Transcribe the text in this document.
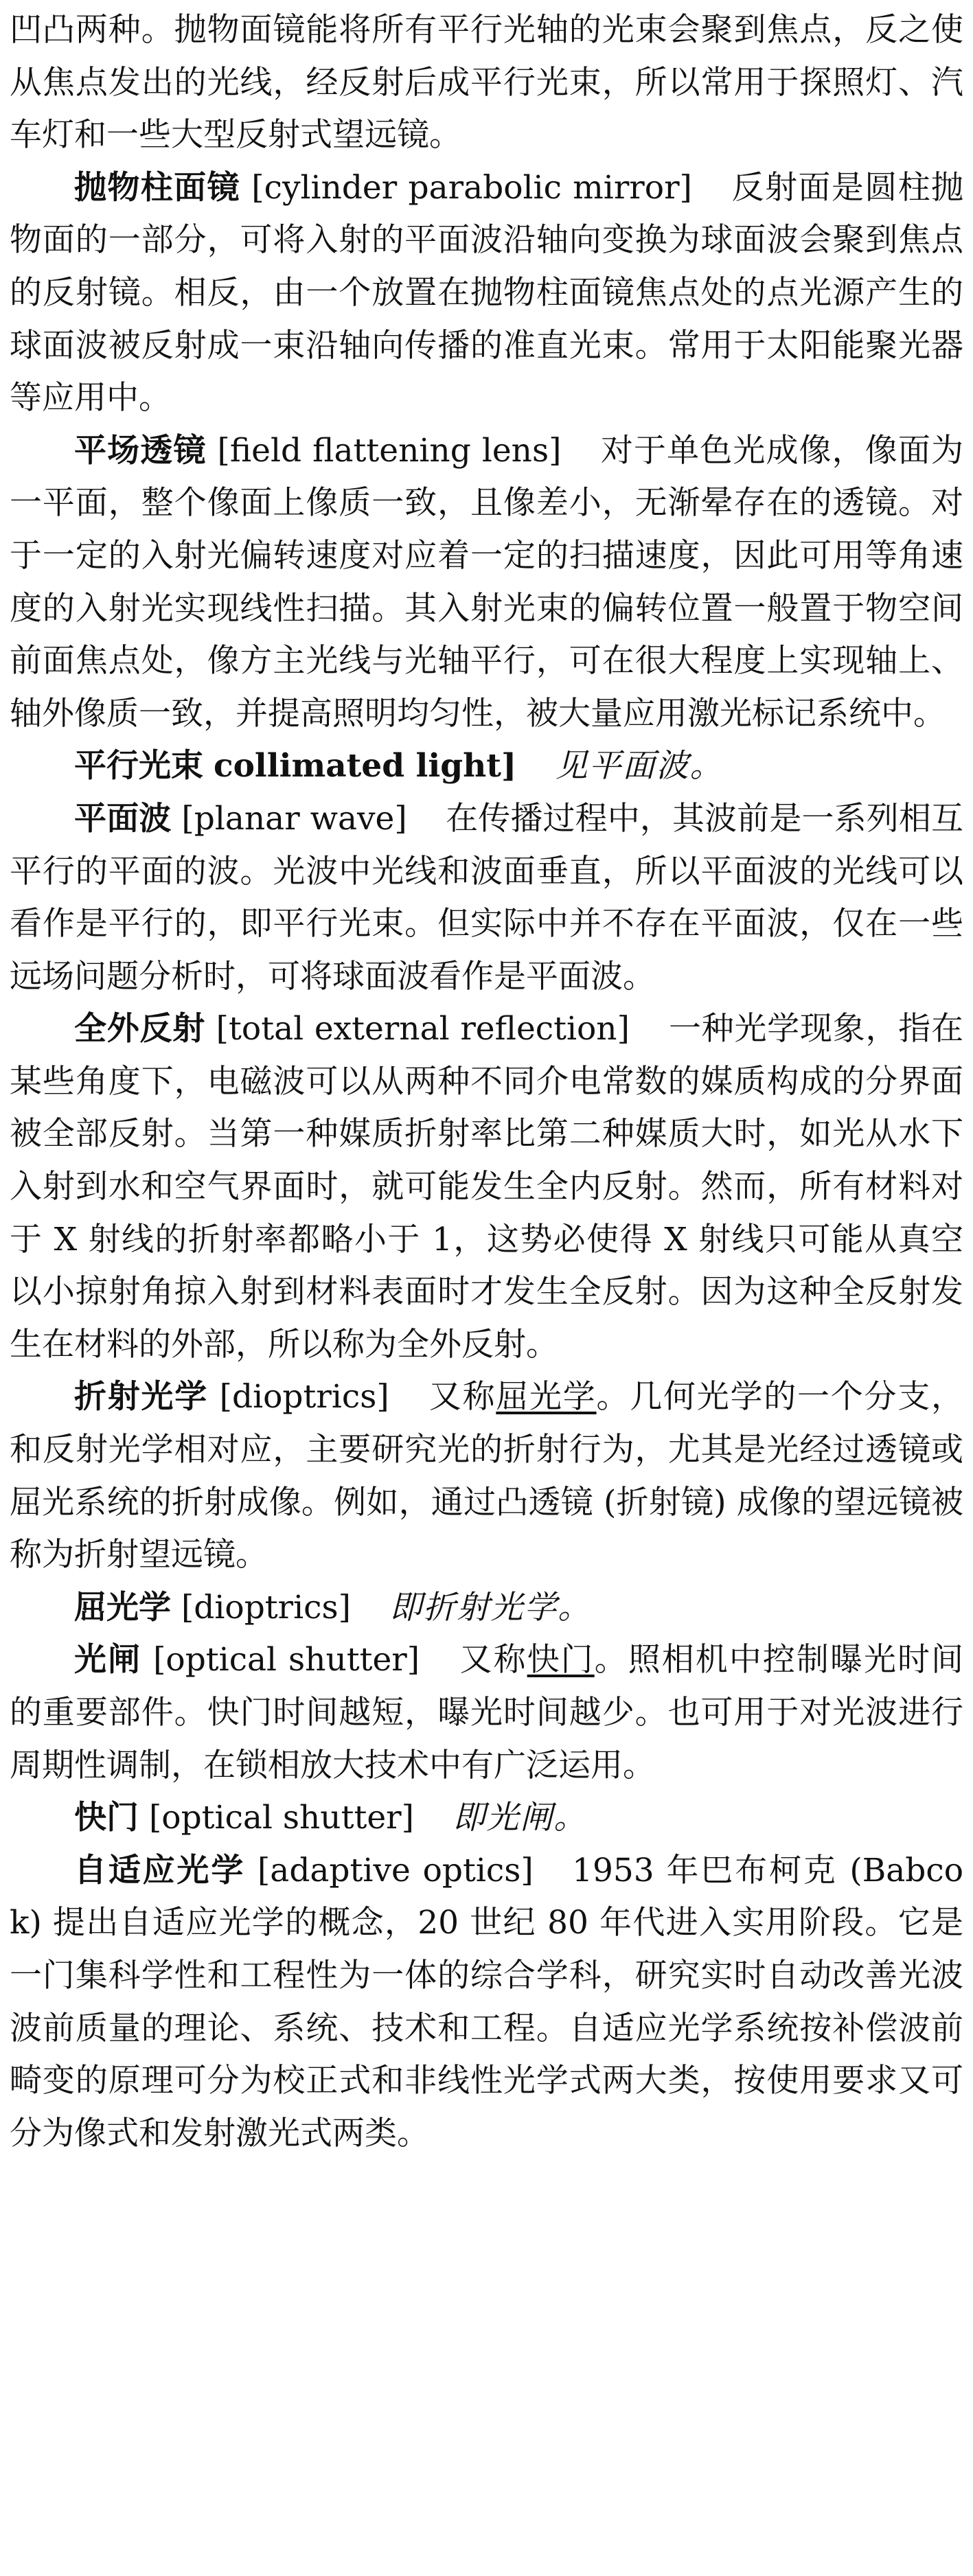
凹凸两种。抛物面镜能将所有平行光轴的光束会聚到焦点，反之使从焦点发出的光线，经反射后成平行光束，所以常用于探照灯、汽车灯和一些大型反射式望远镜。

抛物柱面镜 [cylinder parabolic mirror] 反射面是圆柱抛物面的一部分，可将入射的平面波沿轴向变换为球面波会聚到焦点的反射镜。相反，由一个放置在抛物柱面镜焦点处的点光源产生的球面波被反射成一束沿轴向传播的准直光束。常用于太阳能聚光器等应用中。

平场透镜 [field flattening lens] 对于单色光成像，像面为一平面，整个像面上像质一致，且像差小，无渐晕存在的透镜。对于一定的入射光偏转速度对应着一定的扫描速度，因此可用等角速度的入射光实现线性扫描。其入射光束的偏转位置一般置于物空间前面焦点处，像方主光线与光轴平行，可在很大程度上实现轴上、轴外像质一致，并提高照明均匀性，被大量应用激光标记系统中。

平行光束 collimated light] 见平面波。

平面波 [planar wave] 在传播过程中，其波前是一系列相互平行的平面的波。光波中光线和波面垂直，所以平面波的光线可以看作是平行的，即平行光束。但实际中并不存在平面波，仅在一些远场问题分析时，可将球面波看作是平面波。

全外反射 [total external reflection] 一种光学现象，指在某些角度下，电磁波可以从两种不同介电常数的媒质构成的分界面被全部反射。当第一种媒质折射率比第二种媒质大时，如光从水下入射到水和空气界面时，就可能发生全内反射。然而，所有材料对于 X 射线的折射率都略小于 1，这势必使得 X 射线只可能从真空以小掠射角掠入射到材料表面时才发生全反射。因为这种全反射发生在材料的外部，所以称为全外反射。

折射光学 [dioptrics] 又称屈光学。几何光学的一个分支，和反射光学相对应，主要研究光的折射行为，尤其是光经过透镜或屈光系统的折射成像。例如，通过凸透镜 (折射镜) 成像的望远镜被称为折射望远镜。

屈光学 [dioptrics] 即折射光学。

光闸 [optical shutter] 又称快门。照相机中控制曝光时间的重要部件。快门时间越短，曝光时间越少。也可用于对光波进行周期性调制，在锁相放大技术中有广泛运用。

快门 [optical shutter] 即光闸。

自适应光学 [adaptive optics] 1953 年巴布柯克 (Babcok) 提出自适应光学的概念，20 世纪 80 年代进入实用阶段。它是一门集科学性和工程性为一体的综合学科，研究实时自动改善光波波前质量的理论、系统、技术和工程。自适应光学系统按补偿波前畸变的原理可分为校正式和非线性光学式两大类，按使用要求又可分为像式和发射激光式两类。
